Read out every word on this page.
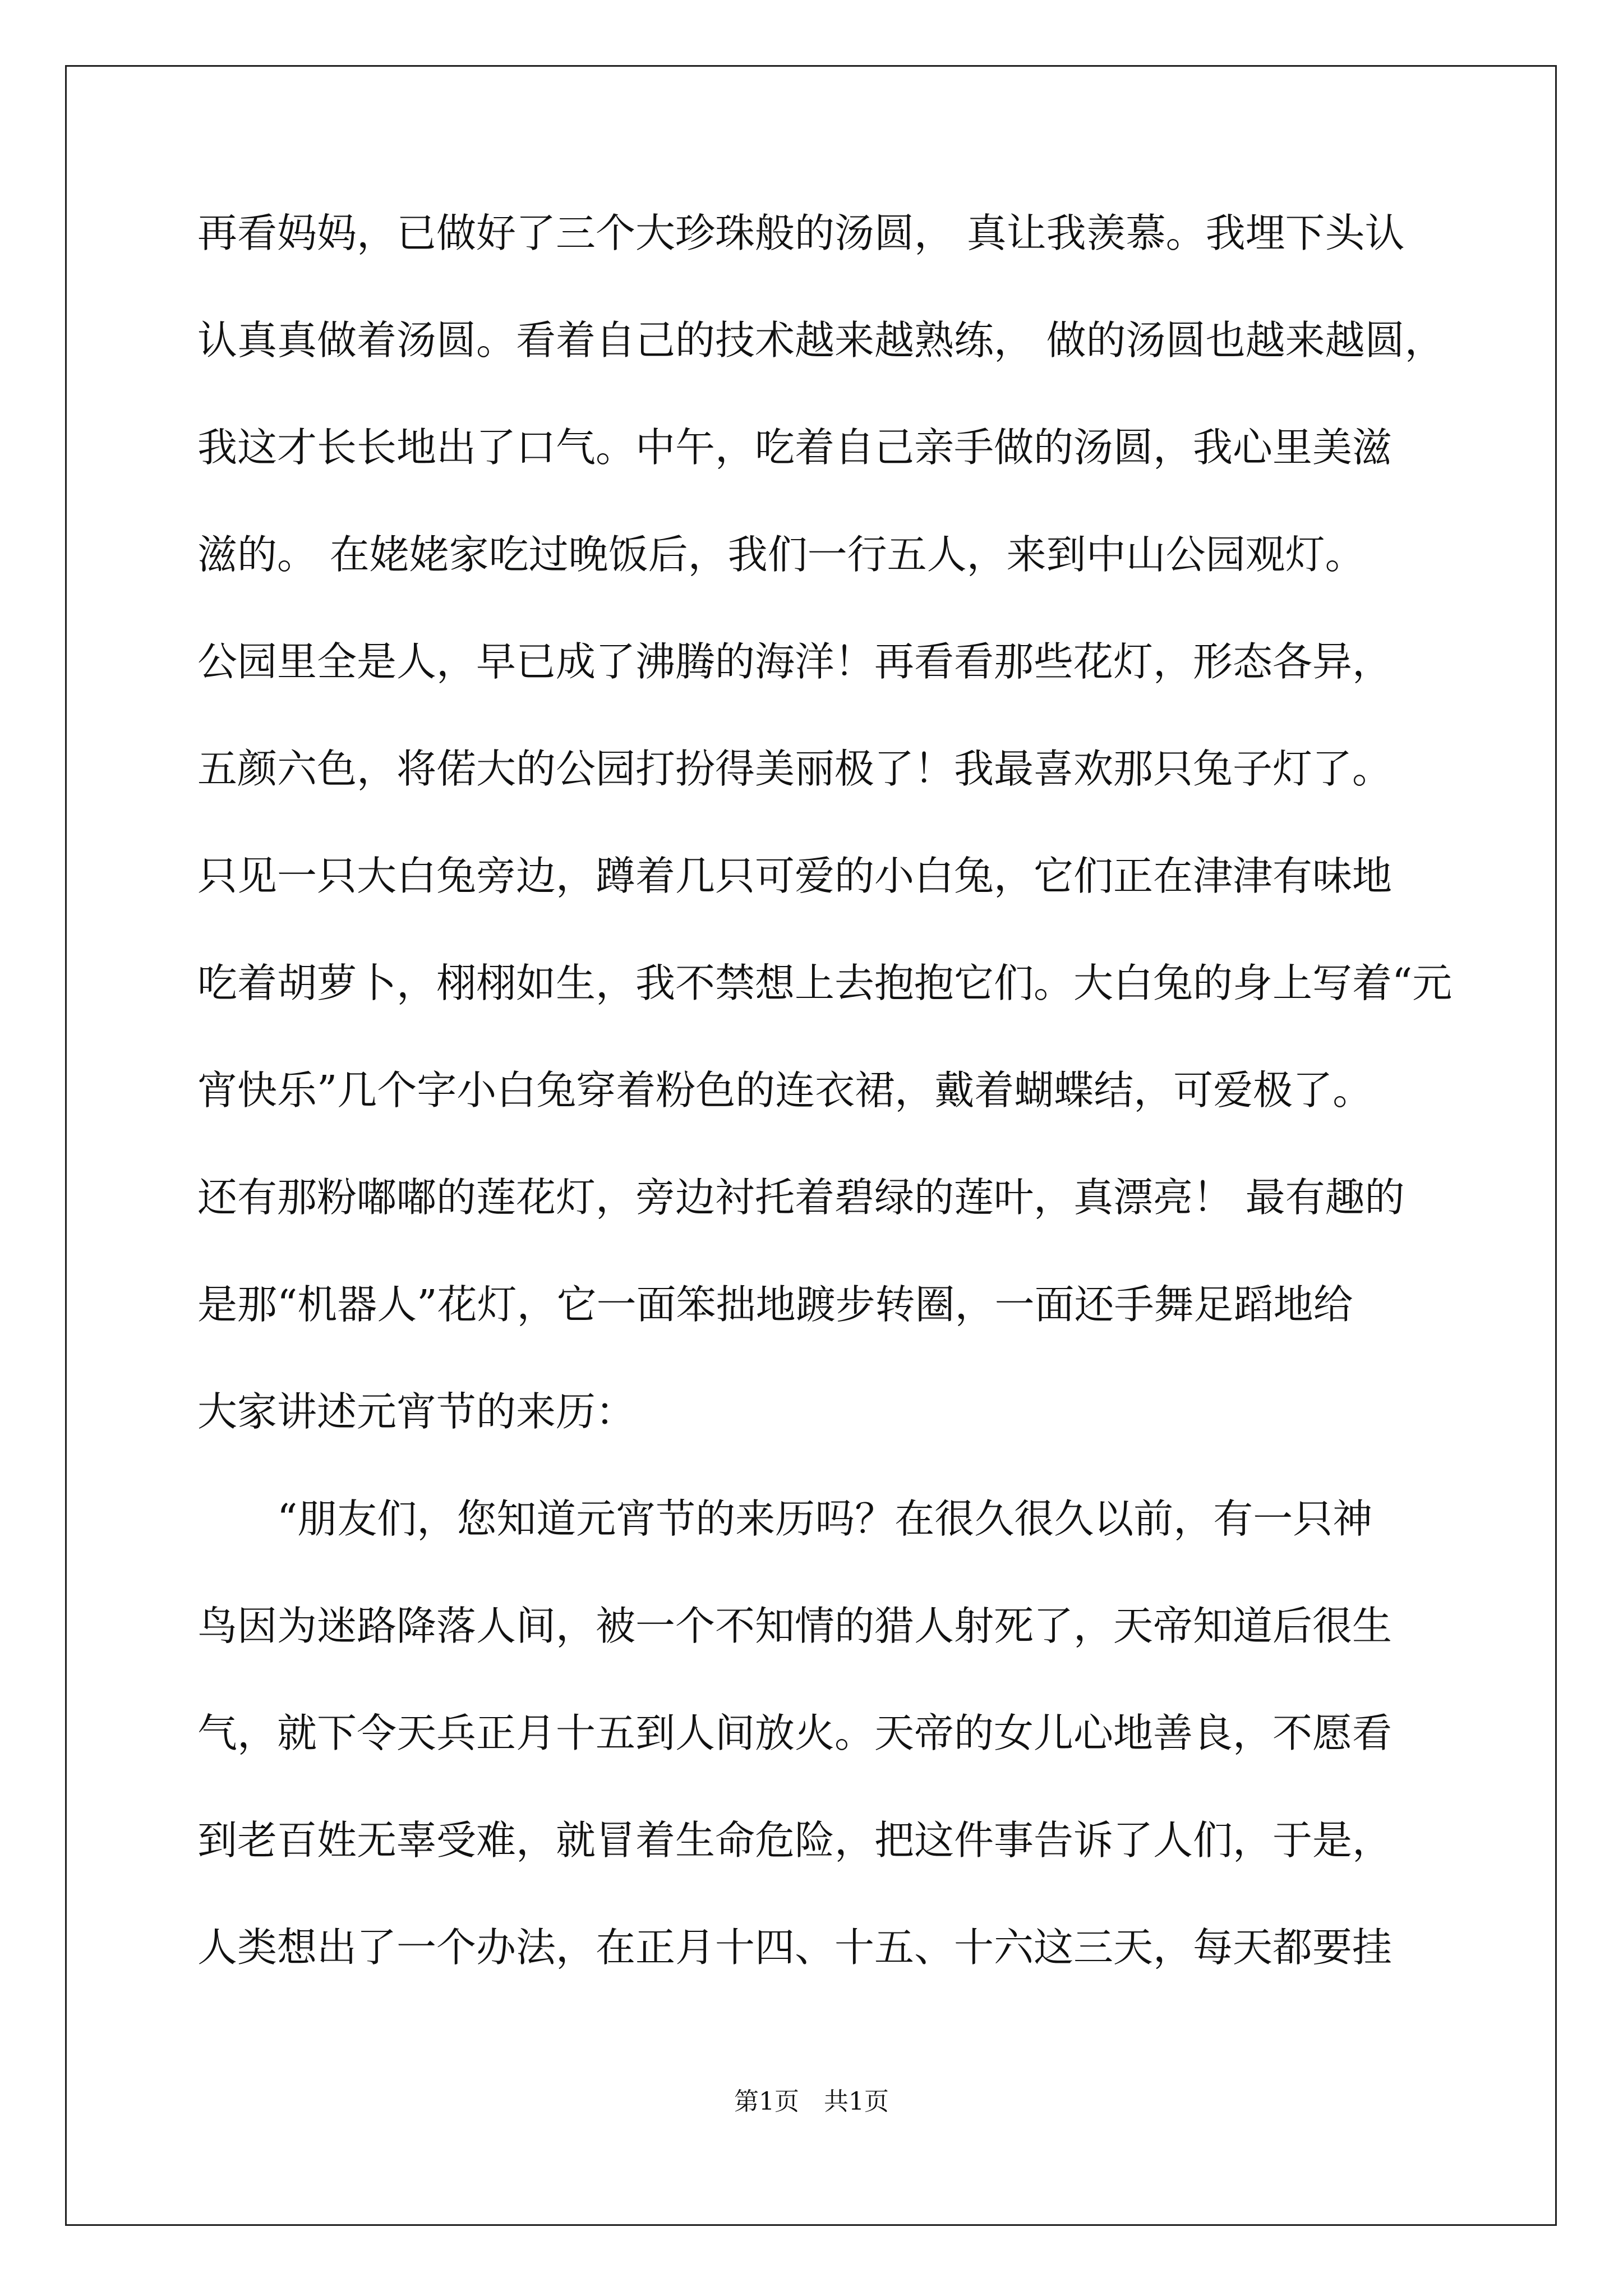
再看妈妈，已做好了三个大珍珠般的汤圆， 真让我羡慕。我埋下头认
认真真做着汤圆。看着自己的技术越来越熟练， 做的汤圆也越来越圆，
我这才长长地出了口气。中午，吃着自己亲手做的汤圆，我心里美滋
滋的。 在姥姥家吃过晚饭后，我们一行五人，来到中山公园观灯。
公园里全是人，早已成了沸腾的海洋！再看看那些花灯，形态各异，
五颜六色，将偌大的公园打扮得美丽极了！我最喜欢那只兔子灯了。
只见一只大白兔旁边，蹲着几只可爱的小白兔，它们正在津津有味地
吃着胡萝卜，栩栩如生，我不禁想上去抱抱它们。大白兔的身上写着“元
宵快乐”几个字小白兔穿着粉色的连衣裙，戴着蝴蝶结，可爱极了。
还有那粉嘟嘟的莲花灯，旁边衬托着碧绿的莲叶，真漂亮！ 最有趣的
是那“机器人”花灯，它一面笨拙地踱步转圈，一面还手舞足蹈地给
大家讲述元宵节的来历：
　　“朋友们，您知道元宵节的来历吗？在很久很久以前，有一只神
鸟因为迷路降落人间，被一个不知情的猎人射死了，天帝知道后很生
气，就下令天兵正月十五到人间放火。天帝的女儿心地善良，不愿看
到老百姓无辜受难，就冒着生命危险，把这件事告诉了人们，于是，
人类想出了一个办法，在正月十四、十五、十六这三天，每天都要挂
第1页　共1页
